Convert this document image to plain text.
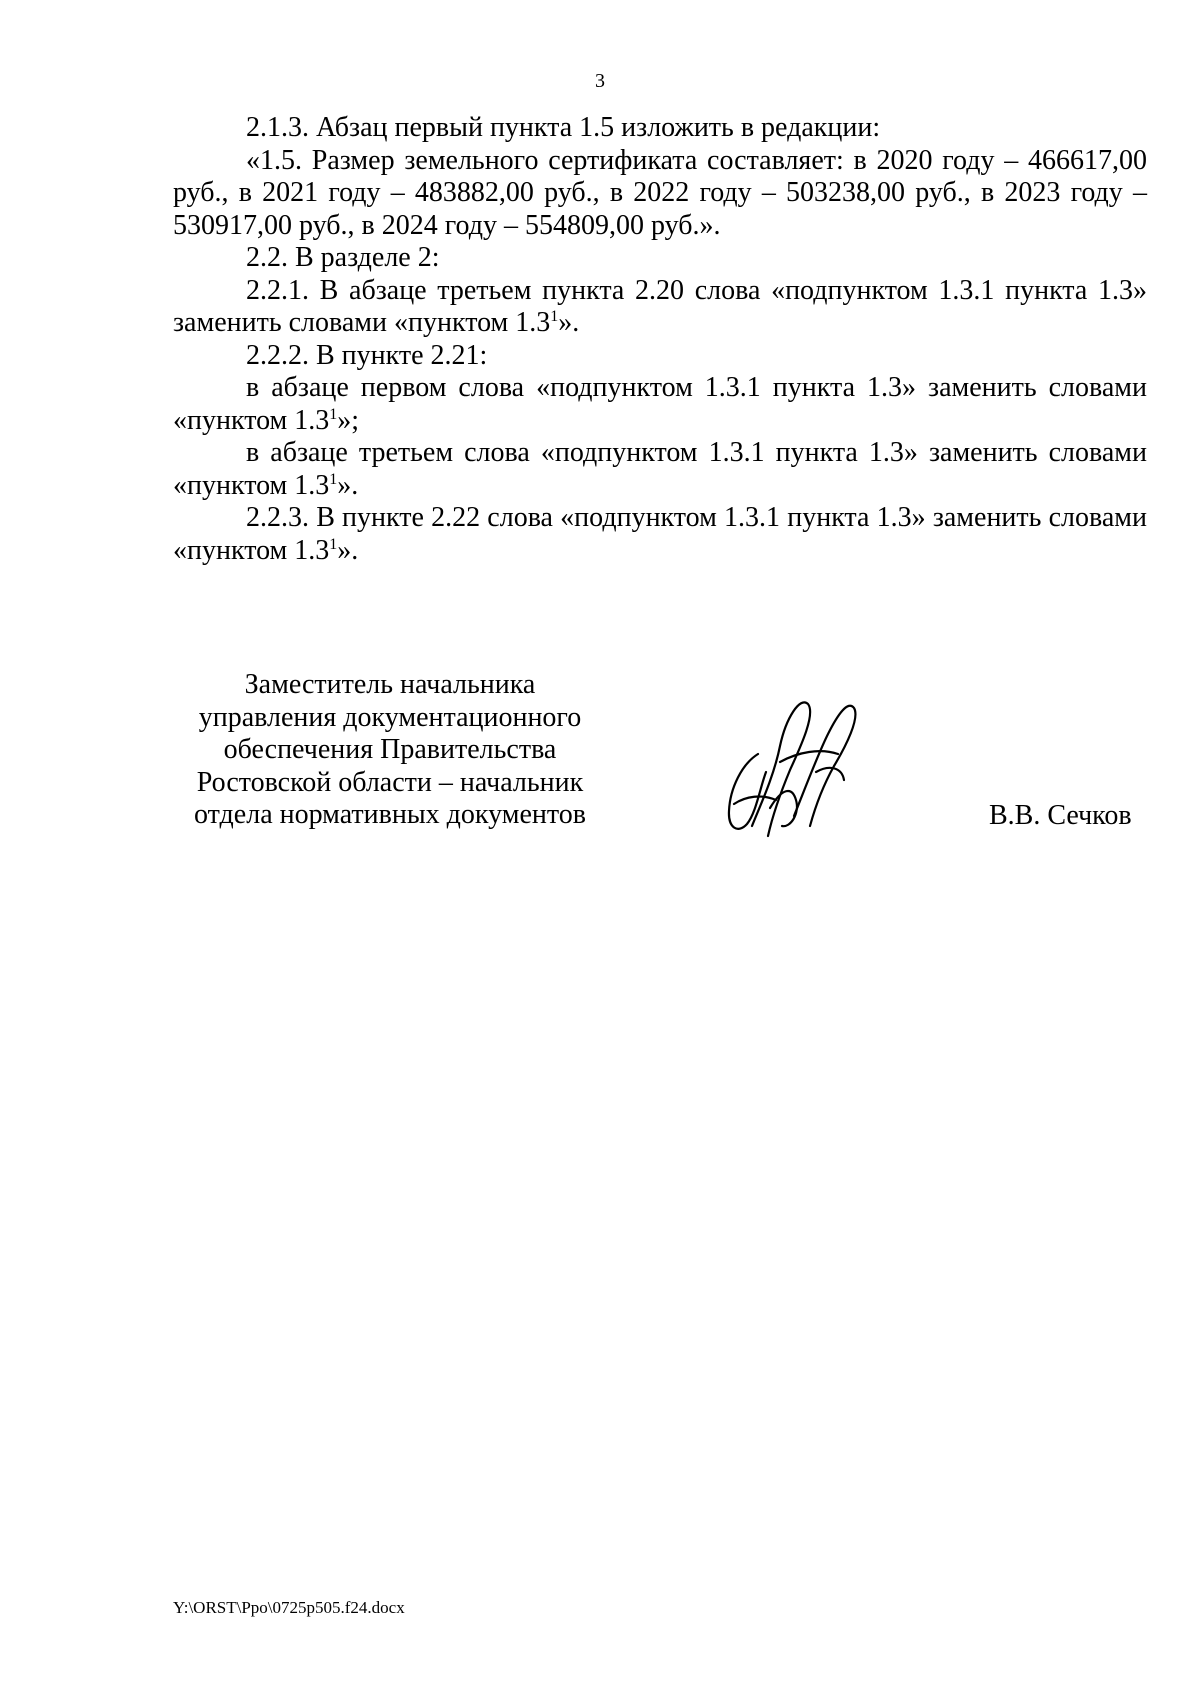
3

2.1.3. Абзац первый пункта 1.5 изложить в редакции:

«1.5. Размер земельного сертификата составляет: в 2020 году – 466617,00 руб., в 2021 году – 483882,00 руб., в 2022 году – 503238,00 руб., в 2023 году – 530917,00 руб., в 2024 году – 554809,00 руб.».

2.2. В разделе 2:

2.2.1. В абзаце третьем пункта 2.20 слова «подпунктом 1.3.1 пункта 1.3» заменить словами «пунктом $1.3^1$».

2.2.2. В пункте 2.21:

в абзаце первом слова «подпунктом 1.3.1 пункта 1.3» заменить словами «пунктом $1.3^1$»;

в абзаце третьем слова «подпунктом 1.3.1 пункта 1.3» заменить словами «пунктом $1.3^1$».

2.2.3. В пункте 2.22 слова «подпунктом 1.3.1 пункта 1.3» заменить словами «пунктом $1.3^1$».

Заместитель начальника
управления документационного
обеспечения Правительства
Ростовской области – начальник
отдела нормативных документов	В.В. Сечков
Y:\ORST\Ppo\0725p505.f24.docx
